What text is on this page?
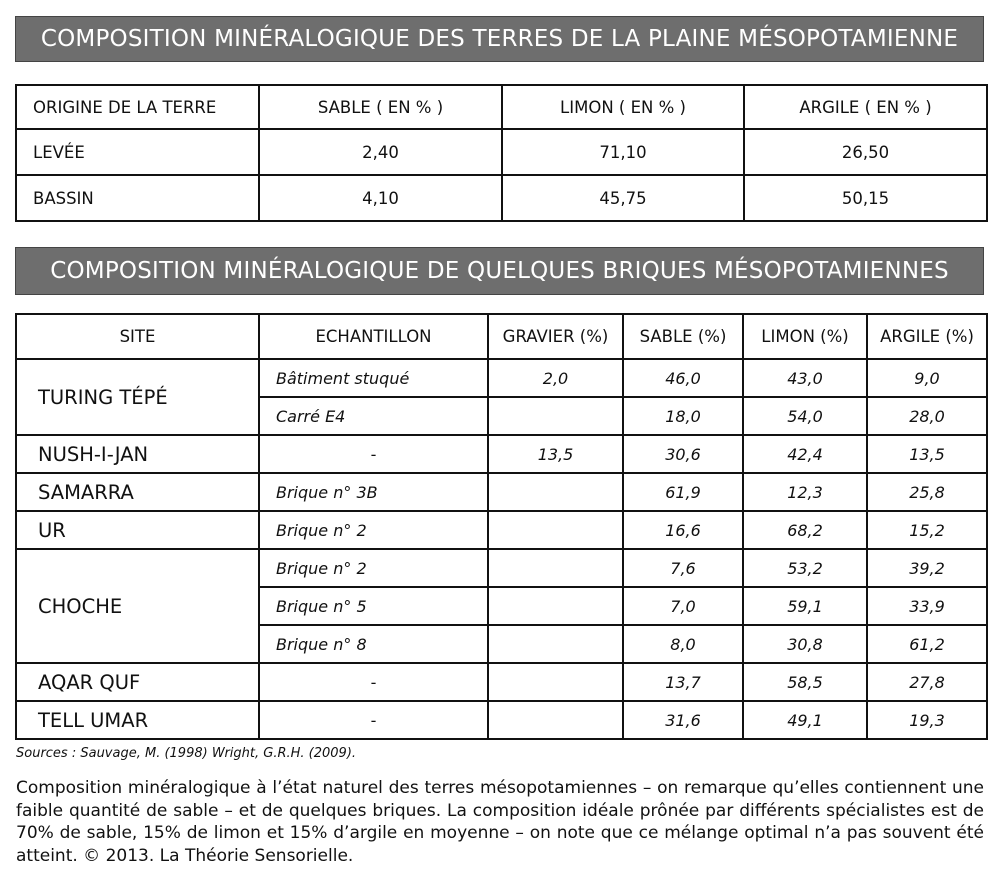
COMPOSITION MINÉRALOGIQUE DES TERRES DE LA PLAINE MÉSOPOTAMIENNE
ORIGINE DE LA TERRE	SABLE ( EN % )	LIMON ( EN % )	ARGILE ( EN % )
LEVÉE	2,40	71,10	26,50
BASSIN	4,10	45,75	50,15
COMPOSITION MINÉRALOGIQUE DE QUELQUES BRIQUES MÉSOPOTAMIENNES
SITE	ECHANTILLON	GRAVIER (%)	SABLE (%)	LIMON (%)	ARGILE (%)
TURING TÉPÉ	Bâtiment stuqué	2,0	46,0	43,0	9,0
	Carré E4		18,0	54,0	28,0
NUSH-I-JAN	-	13,5	30,6	42,4	13,5
SAMARRA	Brique n° 3B		61,9	12,3	25,8
UR	Brique n° 2		16,6	68,2	15,2
CHOCHE	Brique n° 2		7,6	53,2	39,2
	Brique n° 5		7,0	59,1	33,9
	Brique n° 8		8,0	30,8	61,2
AQAR QUF	-		13,7	58,5	27,8
TELL UMAR	-		31,6	49,1	19,3
Sources : Sauvage, M. (1998) Wright, G.R.H. (2009).
Composition minéralogique à l’état naturel des terres mésopotamiennes – on remarque qu’elles contiennent une faible quantité de sable – et de quelques briques. La composition idéale prônée par différents spécialistes est de 70% de sable, 15% de limon et 15% d’argile en moyenne – on note que ce mélange optimal n’a pas souvent été atteint. © 2013. La Théorie Sensorielle.
